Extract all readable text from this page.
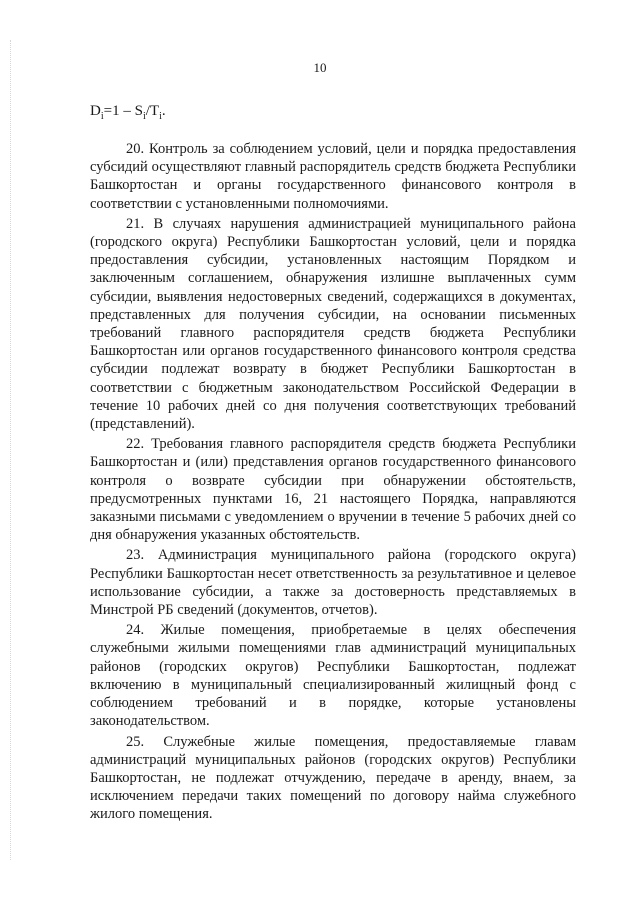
10
$D_i=1 - S_i/T_i$.

20. Контроль за соблюдением условий, цели и порядка предоставления субсидий осуществляют главный распорядитель средств бюджета Республики Башкортостан и органы государственного финансового контроля в соответствии с установленными полномочиями.

21. В случаях нарушения администрацией муниципального района (городского округа) Республики Башкортостан условий, цели и порядка предоставления субсидии, установленных настоящим Порядком и заключенным соглашением, обнаружения излишне выплаченных сумм субсидии, выявления недостоверных сведений, содержащихся в документах, представленных для получения субсидии, на основании письменных требований главного распорядителя средств бюджета Республики Башкортостан или органов государственного финансового контроля средства субсидии подлежат возврату в бюджет Республики Башкортостан в соответствии с бюджетным законодательством Российской Федерации в течение 10 рабочих дней со дня получения соответствующих требований (представлений).

22. Требования главного распорядителя средств бюджета Республики Башкортостан и (или) представления органов государственного финансового контроля о возврате субсидии при обнаружении обстоятельств, предусмотренных пунктами 16, 21 настоящего Порядка, направляются заказными письмами с уведомлением о вручении в течение 5 рабочих дней со дня обнаружения указанных обстоятельств.

23. Администрация муниципального района (городского округа) Республики Башкортостан несет ответственность за результативное и целевое использование субсидии, а также за достоверность представляемых в Минстрой РБ сведений (документов, отчетов).

24. Жилые помещения, приобретаемые в целях обеспечения служебными жилыми помещениями глав администраций муниципальных районов (городских округов) Республики Башкортостан, подлежат включению в муниципальный специализированный жилищный фонд с соблюдением требований и в порядке, которые установлены законодательством.

25. Служебные жилые помещения, предоставляемые главам администраций муниципальных районов (городских округов) Республики Башкортостан, не подлежат отчуждению, передаче в аренду, внаем, за исключением передачи таких помещений по договору найма служебного жилого помещения.
